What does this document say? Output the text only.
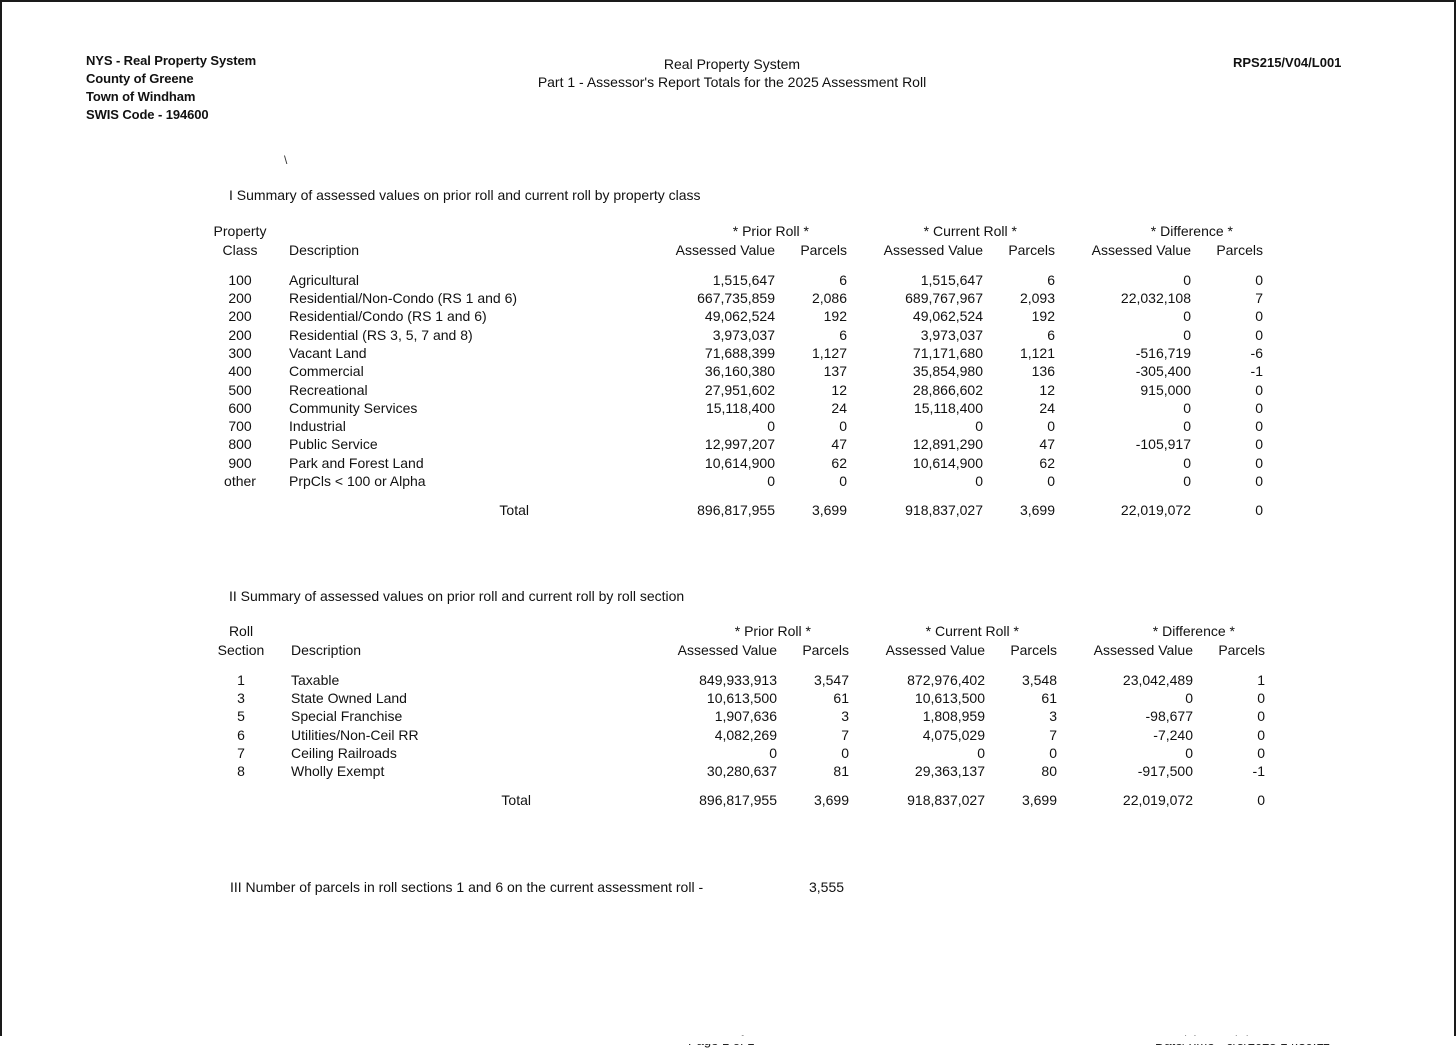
NYS - Real Property System
County of Greene
Town of Windham
SWIS Code - 194600
Real Property System
Part 1 - Assessor's Report Totals for the 2025 Assessment Roll
RPS215/V04/L001
\
I Summary of assessed values on prior roll and current roll by property class
Property		* Prior Roll *		* Current Roll *		* Difference *	
Class	Description	Assessed Value	Parcels	Assessed Value	Parcels	Assessed Value	Parcels

100	Agricultural	1,515,647	6	1,515,647	6	0	0
200	Residential/Non-Condo (RS 1 and 6)	667,735,859	2,086	689,767,967	2,093	22,032,108	7
200	Residential/Condo (RS 1 and 6)	49,062,524	192	49,062,524	192	0	0
200	Residential (RS 3, 5, 7 and 8)	3,973,037	6	3,973,037	6	0	0
300	Vacant Land	71,688,399	1,127	71,171,680	1,121	-516,719	-6
400	Commercial	36,160,380	137	35,854,980	136	-305,400	-1
500	Recreational	27,951,602	12	28,866,602	12	915,000	0
600	Community Services	15,118,400	24	15,118,400	24	0	0
700	Industrial	0	0	0	0	0	0
800	Public Service	12,997,207	47	12,891,290	47	-105,917	0
900	Park and Forest Land	10,614,900	62	10,614,900	62	0	0
other	PrpCls < 100 or Alpha	0	0	0	0	0	0
	Total	896,817,955	3,699	918,837,027	3,699	22,019,072	0
II Summary of assessed values on prior roll and current roll by roll section
Roll		* Prior Roll *		* Current Roll *		* Difference *	
Section	Description	Assessed Value	Parcels	Assessed Value	Parcels	Assessed Value	Parcels

1	Taxable	849,933,913	3,547	872,976,402	3,548	23,042,489	1
3	State Owned Land	10,613,500	61	10,613,500	61	0	0
5	Special Franchise	1,907,636	3	1,808,959	3	-98,677	0
6	Utilities/Non-Ceil RR	4,082,269	7	4,075,029	7	-7,240	0
7	Ceiling Railroads	0	0	0	0	0	0
8	Wholly Exempt	30,280,637	81	29,363,137	80	-917,500	-1
	Total	896,817,955	3,699	918,837,027	3,699	22,019,072	0
III Number of parcels in roll sections 1 and 6 on the current assessment roll -	3,555
